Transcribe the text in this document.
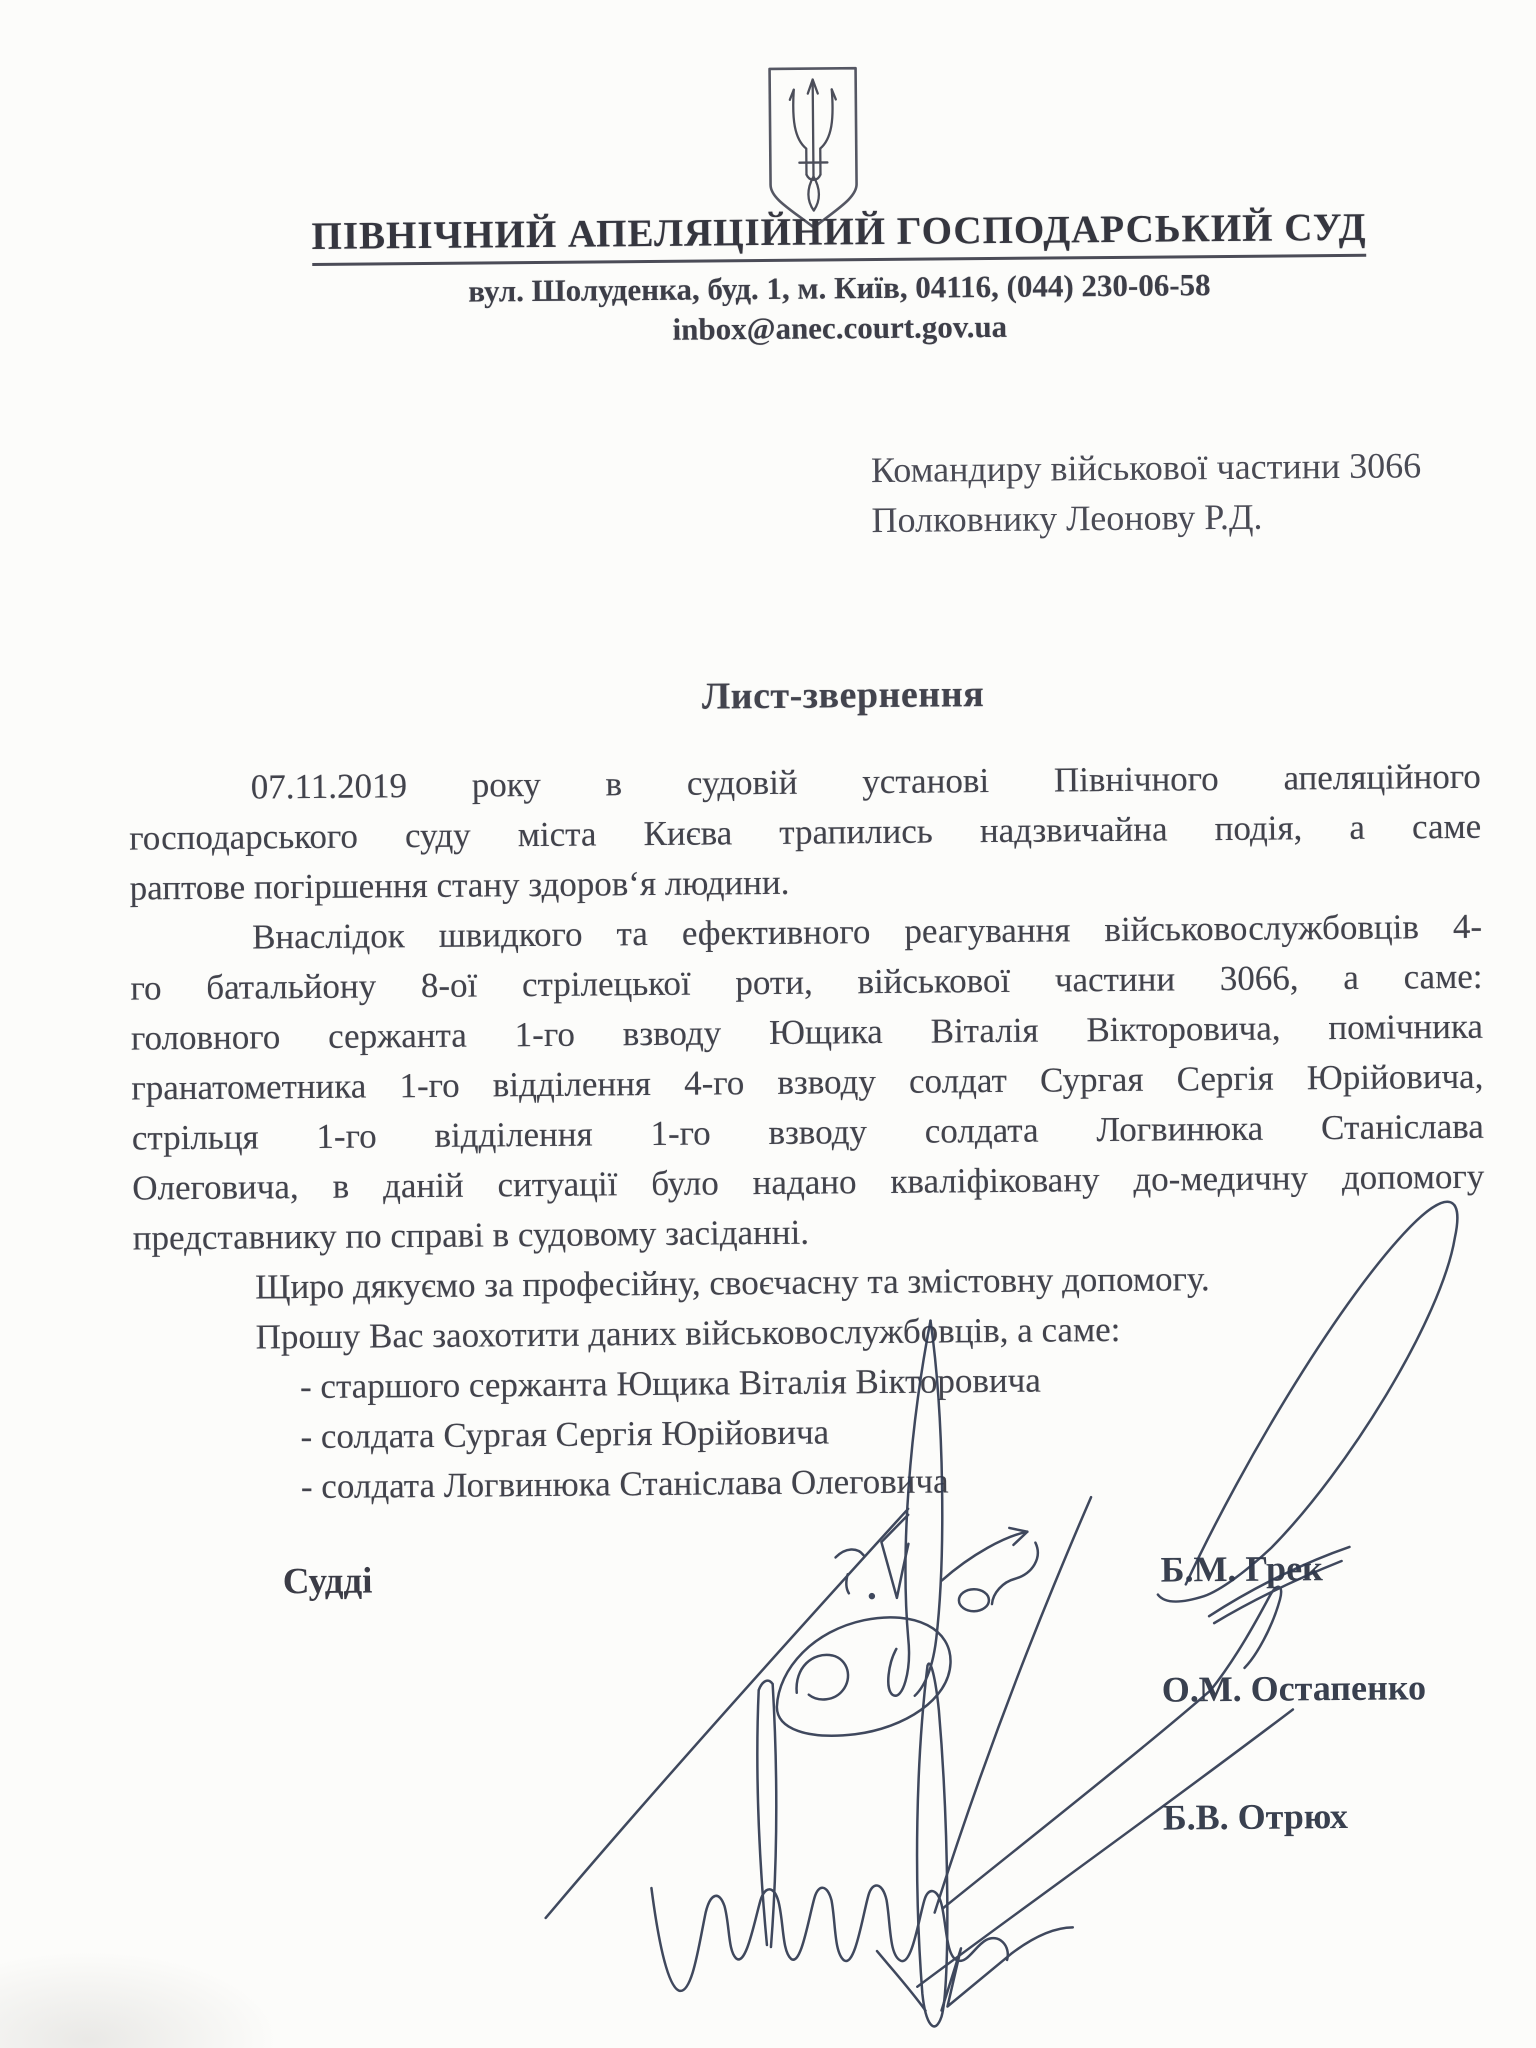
ПІВНІЧНИЙ АПЕЛЯЦІЙНИЙ ГОСПОДАРСЬКИЙ СУД
вул. Шолуденка, буд. 1, м. Київ, 04116, (044) 230-06-58
inbox@anec.court.gov.ua
Командиру військової частини 3066
Полковнику Леонову Р.Д.
Лист-звернення
07.11.2019 року в судовій установі Північного апеляційного
господарського суду міста Києва трапились надзвичайна подія, а саме
раптове погіршення стану здоров‘я людини.
Внаслідок швидкого та ефективного реагування військовослужбовців 4-
го батальйону 8-ої стрілецької роти, військової частини 3066, а саме:
головного сержанта 1-го взводу Ющика Віталія Вікторовича, помічника
гранатометника 1-го відділення 4-го взводу солдат Сургая Сергія Юрійовича,
стрільця 1-го відділення 1-го взводу солдата Логвинюка Станіслава
Олеговича, в даній ситуації було надано кваліфіковану до-медичну допомогу
представнику по справі в судовому засіданні.
Щиро дякуємо за професійну, своєчасну та змістовну допомогу.
Прошу Вас заохотити даних військовослужбовців, а саме:
- старшого сержанта Ющика Віталія Вікторовича
- солдата Сургая Сергія Юрійовича
- солдата Логвинюка Станіслава Олеговича
Судді	Б.М. Грек
О.М. Остапенко
Б.В. Отрюх
